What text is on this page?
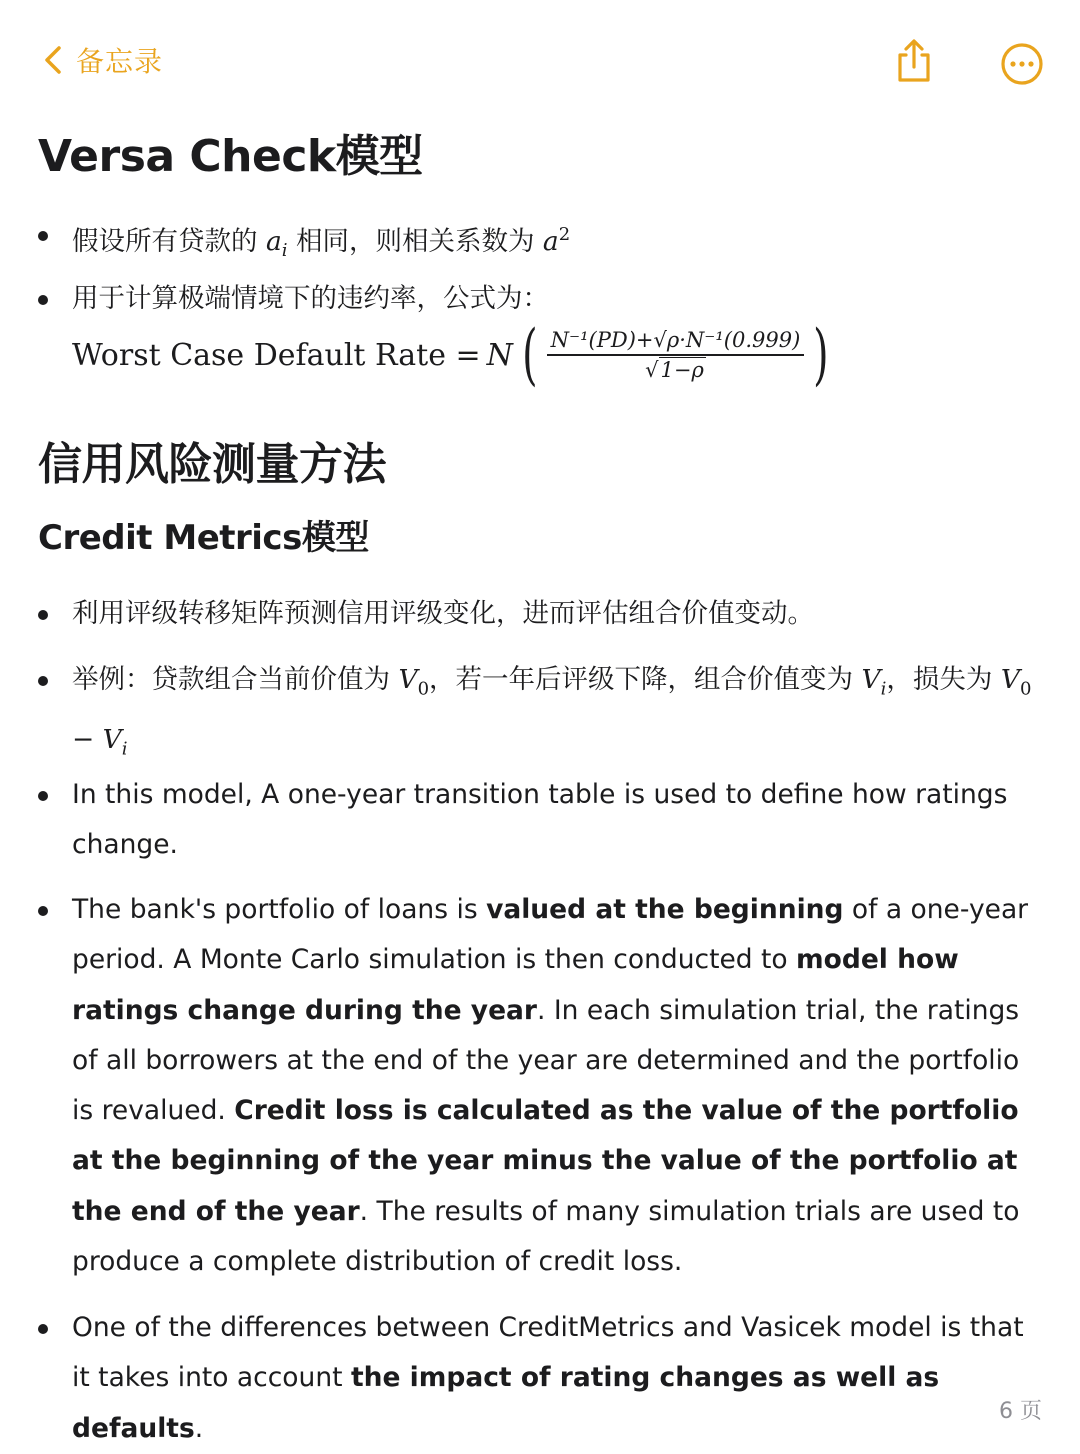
备忘录
Versa Check模型
假设所有贷款的 $a_i$ 相同，则相关系数为 $a^2$
用于计算极端情境下的违约率，公式为：
Worst Case Default Rate = N ( $\frac{\text{N⁻¹(PD)+√ρ·N⁻¹(0.999)}}{√1-\rho}$ )
信用风险测量方法
Credit Metrics模型
利用评级转移矩阵预测信用评级变化，进而评估组合价值变动。
举例：贷款组合当前价值为 $V_0$，若一年后评级下降，组合价值变为 $V_i$，损失为 $V_0 - V_i$
In this model, A one-year transition table is used to define how ratings change.
The bank's portfolio of loans is valued at the beginning of a one-year period. A Monte Carlo simulation is then conducted to model how ratings change during the year. In each simulation trial, the ratings of all borrowers at the end of the year are determined and the portfolio is revalued. Credit loss is calculated as the value of the portfolio at the beginning of the year minus the value of the portfolio at the end of the year. The results of many simulation trials are used to produce a complete distribution of credit loss.
One of the differences between CreditMetrics and Vasicek model is that it takes into account the impact of rating changes as well as defaults.
6 页
